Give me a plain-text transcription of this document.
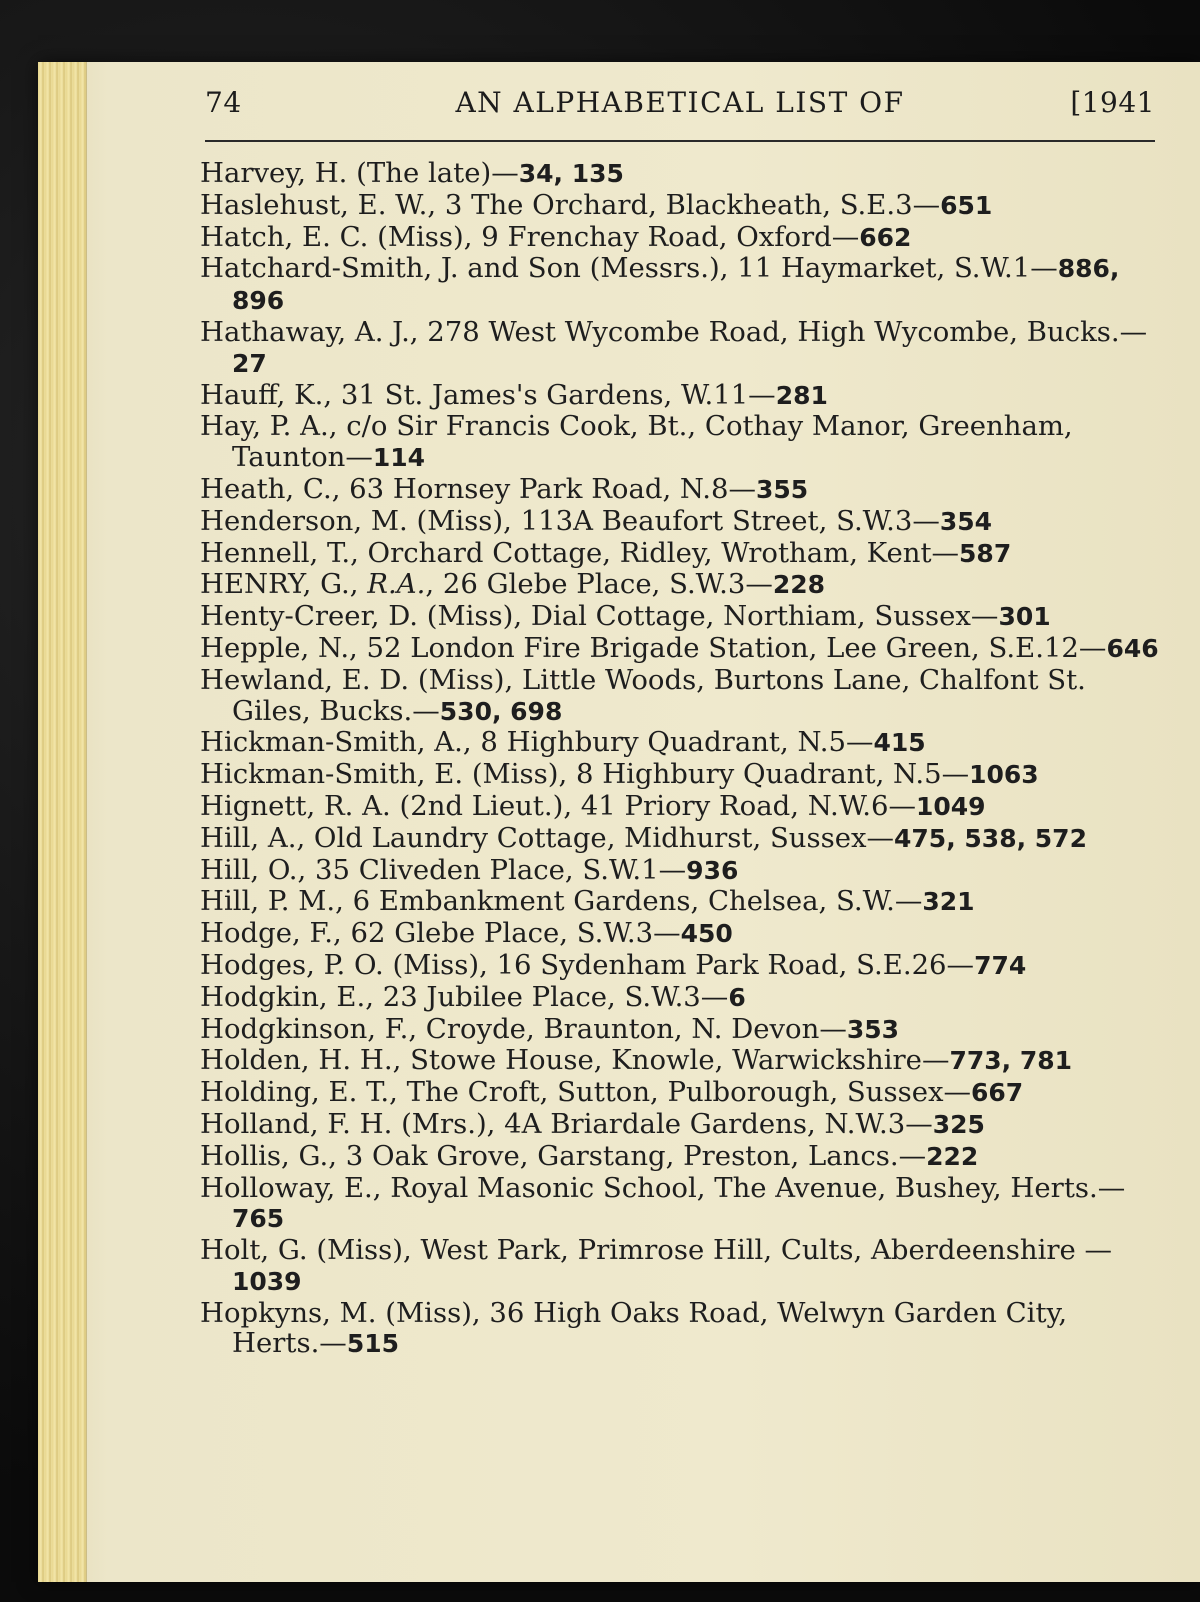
74	AN ALPHABETICAL LIST OF	[1941
Harvey, H. (The late)—34, 135
Haslehust, E. W., 3 The Orchard, Blackheath, S.E.3—651
Hatch, E. C. (Miss), 9 Frenchay Road, Oxford—662
Hatchard-Smith, J. and Son (Messrs.), 11 Haymarket, S.W.1—886, 896
Hathaway, A. J., 278 West Wycombe Road, High Wycombe, Bucks.—27
Hauff, K., 31 St. James's Gardens, W.11—281
Hay, P. A., c/o Sir Francis Cook, Bt., Cothay Manor, Greenham, Taunton—114
Heath, C., 63 Hornsey Park Road, N.8—355
Henderson, M. (Miss), 113A Beaufort Street, S.W.3—354
Hennell, T., Orchard Cottage, Ridley, Wrotham, Kent—587
HENRY, G., R.A., 26 Glebe Place, S.W.3—228
Henty-Creer, D. (Miss), Dial Cottage, Northiam, Sussex—301
Hepple, N., 52 London Fire Brigade Station, Lee Green, S.E.12—646
Hewland, E. D. (Miss), Little Woods, Burtons Lane, Chalfont St. Giles, Bucks.—530, 698
Hickman-Smith, A., 8 Highbury Quadrant, N.5—415
Hickman-Smith, E. (Miss), 8 Highbury Quadrant, N.5—1063
Hignett, R. A. (2nd Lieut.), 41 Priory Road, N.W.6—1049
Hill, A., Old Laundry Cottage, Midhurst, Sussex—475, 538, 572
Hill, O., 35 Cliveden Place, S.W.1—936
Hill, P. M., 6 Embankment Gardens, Chelsea, S.W.—321
Hodge, F., 62 Glebe Place, S.W.3—450
Hodges, P. O. (Miss), 16 Sydenham Park Road, S.E.26—774
Hodgkin, E., 23 Jubilee Place, S.W.3—6
Hodgkinson, F., Croyde, Braunton, N. Devon—353
Holden, H. H., Stowe House, Knowle, Warwickshire—773, 781
Holding, E. T., The Croft, Sutton, Pulborough, Sussex—667
Holland, F. H. (Mrs.), 4A Briardale Gardens, N.W.3—325
Hollis, G., 3 Oak Grove, Garstang, Preston, Lancs.—222
Holloway, E., Royal Masonic School, The Avenue, Bushey, Herts.—765
Holt, G. (Miss), West Park, Primrose Hill, Cults, Aberdeenshire —1039
Hopkyns, M. (Miss), 36 High Oaks Road, Welwyn Garden City, Herts.—515
